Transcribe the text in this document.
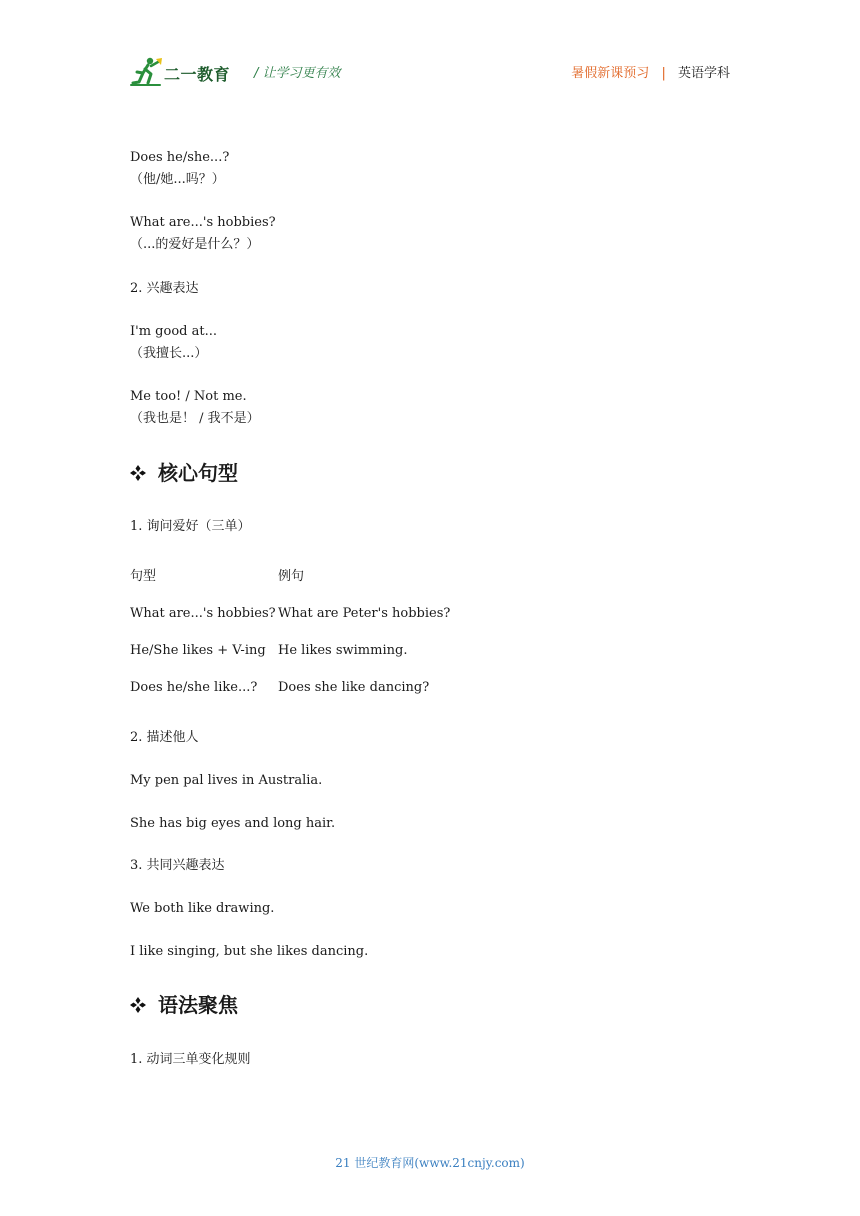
二一教育 / 让学习更有效	暑假新课预习 | 英语学科
Does he/she...?
（他/她...吗？）
What are...'s hobbies?
（...的爱好是什么？）
2. 兴趣表达
I'm good at...
（我擅长...）
Me too! / Not me.
（我也是！ / 我不是）
核心句型
1. 询问爱好（三单）
句型	例句
What are...'s hobbies? What are Peter's hobbies?
He/She likes + V-ing He likes swimming.
Does he/she like...? Does she like dancing?
2. 描述他人
My pen pal lives in Australia.
She has big eyes and long hair.
3. 共同兴趣表达
We both like drawing.
I like singing, but she likes dancing.
语法聚焦
1. 动词三单变化规则
21 世纪教育网(www.21cnjy.com)
